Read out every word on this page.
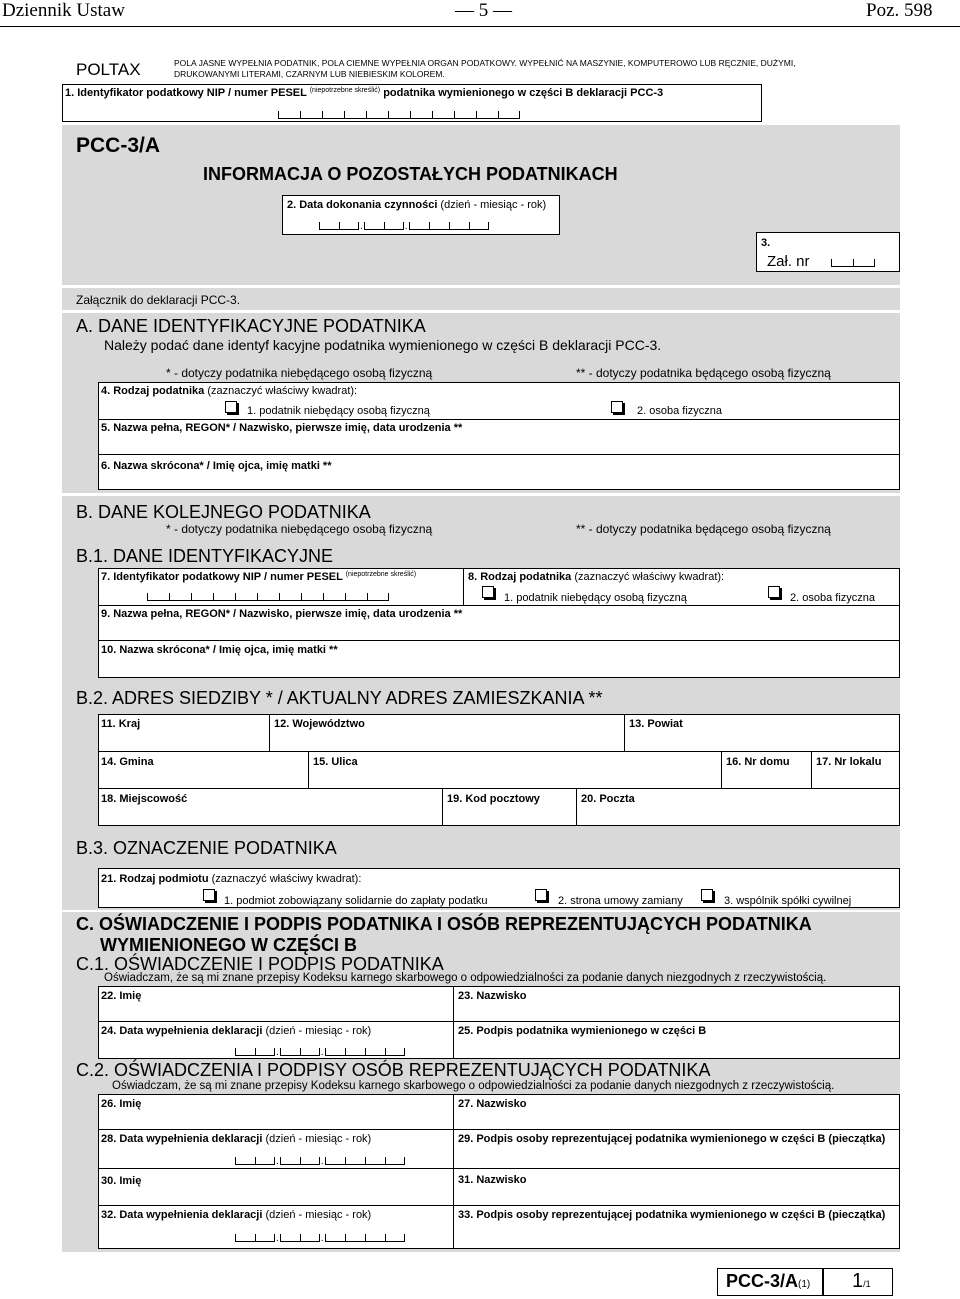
Dziennik Ustaw	— 5 —	Poz. 598
POLTAX	POLA JASNE WYPEŁNIA PODATNIK, POLA CIEMNE WYPEŁNIA ORGAN PODATKOWY. WYPEŁNIĆ NA MASZYNIE, KOMPUTEROWO LUB RĘCZNIE, DUŻYMI,
DRUKOWANYMI LITERAMI, CZARNYM LUB NIEBIESKIM KOLOREM.
1. Identyfikator podatkowy NIP / numer PESEL $^{(niepotrzebne skreślić)}$ podatnika wymienionego w części B deklaracji PCC-3
PCC-3/A
INFORMACJA O POZOSTAŁYCH PODATNIKACH
2. Data dokonania czynności (dzień - miesiąc - rok)
.	.
3.
Zał. nr
Załącznik do deklaracji PCC-3.
A. DANE IDENTYFIKACYJNE PODATNIKA
Należy podać dane identyf kacyjne podatnika wymienionego w części B deklaracji PCC-3.
* - dotyczy podatnika niebędącego osobą fizyczną	** - dotyczy podatnika będącego osobą fizyczną
4. Rodzaj podatnika (zaznaczyć właściwy kwadrat):
1. podatnik niebędący osobą fizyczną	2. osoba fizyczna
5. Nazwa pełna, REGON* / Nazwisko, pierwsze imię, data urodzenia **
6. Nazwa skrócona* / Imię ojca, imię matki **
B. DANE KOLEJNEGO PODATNIKA
* - dotyczy podatnika niebędącego osobą fizyczną	** - dotyczy podatnika będącego osobą fizyczną
B.1. DANE IDENTYFIKACYJNE
7. Identyfikator podatkowy NIP / numer PESEL $^{(niepotrzebne skreślić)}$	8. Rodzaj podatnika (zaznaczyć właściwy kwadrat):
1. podatnik niebędący osobą fizyczną	2. osoba fizyczna
9. Nazwa pełna, REGON* / Nazwisko, pierwsze imię, data urodzenia **
10. Nazwa skrócona* / Imię ojca, imię matki **
B.2. ADRES SIEDZIBY * / AKTUALNY ADRES ZAMIESZKANIA **
11. Kraj	12. Województwo	13. Powiat
14. Gmina	15. Ulica	16. Nr domu 17. Nr lokalu
18. Miejscowość	19. Kod pocztowy	20. Poczta
B.3. OZNACZENIE PODATNIKA
21. Rodzaj podmiotu (zaznaczyć właściwy kwadrat):
1. podmiot zobowiązany solidarnie do zapłaty podatku	2. strona umowy zamiany	3. wspólnik spółki cywilnej
C. OŚWIADCZENIE I PODPIS PODATNIKA I OSÓB REPREZENTUJĄCYCH PODATNIKA
WYMIENIONEGO W CZĘŚCI B
C.1. OŚWIADCZENIE I PODPIS PODATNIKA
Oświadczam, że są mi znane przepisy Kodeksu karnego skarbowego o odpowiedzialności za podanie danych niezgodnych z rzeczywistością.
22. Imię	23. Nazwisko
24. Data wypełnienia deklaracji (dzień - miesiąc - rok)
.	.
25. Podpis podatnika wymienionego w części B
C.2. OŚWIADCZENIA I PODPISY OSÓB REPREZENTUJĄCYCH PODATNIKA
Oświadczam, że są mi znane przepisy Kodeksu karnego skarbowego o odpowiedzialności za podanie danych niezgodnych z rzeczywistością.
26. Imię	27. Nazwisko
28. Data wypełnienia deklaracji (dzień - miesiąc - rok)
.	.
29. Podpis osoby reprezentującej podatnika wymienionego w części B (pieczątka)
30. Imię	31. Nazwisko
32. Data wypełnienia deklaracji (dzień - miesiąc - rok)
.	.
33. Podpis osoby reprezentującej podatnika wymienionego w części B (pieczątka)
PCC-3/A(1) 1/1
